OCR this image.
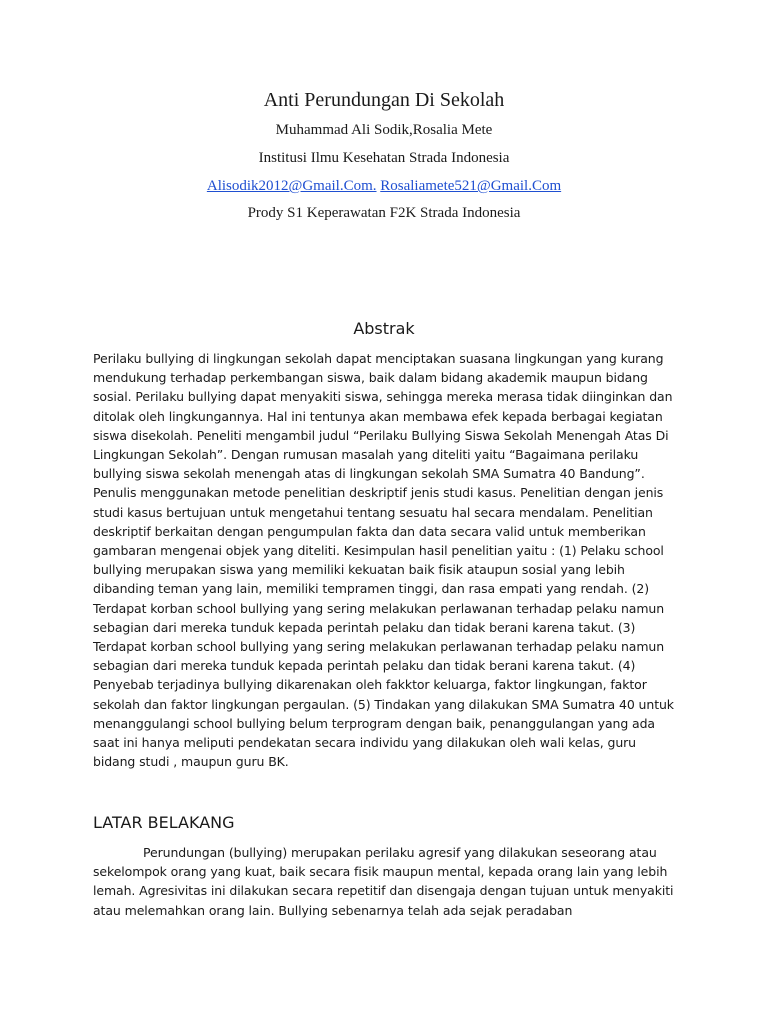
Anti Perundungan Di Sekolah
Muhammad Ali Sodik,Rosalia Mete
Institusi Ilmu Kesehatan Strada Indonesia
Alisodik2012@Gmail.Com. Rosaliamete521@Gmail.Com
Prody S1 Keperawatan F2K Strada Indonesia
Abstrak
Perilaku bullying di lingkungan sekolah dapat menciptakan suasana lingkungan yang kurang mendukung terhadap perkembangan siswa, baik dalam bidang akademik maupun bidang sosial. Perilaku bullying dapat menyakiti siswa, sehingga mereka merasa tidak diinginkan dan ditolak oleh lingkungannya. Hal ini tentunya akan membawa efek kepada berbagai kegiatan siswa disekolah. Peneliti mengambil judul “Perilaku Bullying Siswa Sekolah Menengah Atas Di Lingkungan Sekolah”. Dengan rumusan masalah yang diteliti yaitu “Bagaimana perilaku bullying siswa sekolah menengah atas di lingkungan sekolah SMA Sumatra 40 Bandung”. Penulis menggunakan metode penelitian deskriptif jenis studi kasus. Penelitian dengan jenis studi kasus bertujuan untuk mengetahui tentang sesuatu hal secara mendalam. Penelitian deskriptif berkaitan dengan pengumpulan fakta dan data secara valid untuk memberikan gambaran mengenai objek yang diteliti. Kesimpulan hasil penelitian yaitu : (1) Pelaku school bullying merupakan siswa yang memiliki kekuatan baik fisik ataupun sosial yang lebih dibanding teman yang lain, memiliki tempramen tinggi, dan rasa empati yang rendah. (2) Terdapat korban school bullying yang sering melakukan perlawanan terhadap pelaku namun sebagian dari mereka tunduk kepada perintah pelaku dan tidak berani karena takut. (3) Terdapat korban school bullying yang sering melakukan perlawanan terhadap pelaku namun sebagian dari mereka tunduk kepada perintah pelaku dan tidak berani karena takut. (4) Penyebab terjadinya bullying dikarenakan oleh fakktor keluarga, faktor lingkungan, faktor sekolah dan faktor lingkungan pergaulan. (5) Tindakan yang dilakukan SMA Sumatra 40 untuk menanggulangi school bullying belum terprogram dengan baik, penanggulangan yang ada saat ini hanya meliputi pendekatan secara individu yang dilakukan oleh wali kelas, guru bidang studi , maupun guru BK.
LATAR BELAKANG
Perundungan (bullying) merupakan perilaku agresif yang dilakukan seseorang atau sekelompok orang yang kuat, baik secara fisik maupun mental, kepada orang lain yang lebih lemah. Agresivitas ini dilakukan secara repetitif dan disengaja dengan tujuan untuk menyakiti atau melemahkan orang lain. Bullying sebenarnya telah ada sejak peradaban
